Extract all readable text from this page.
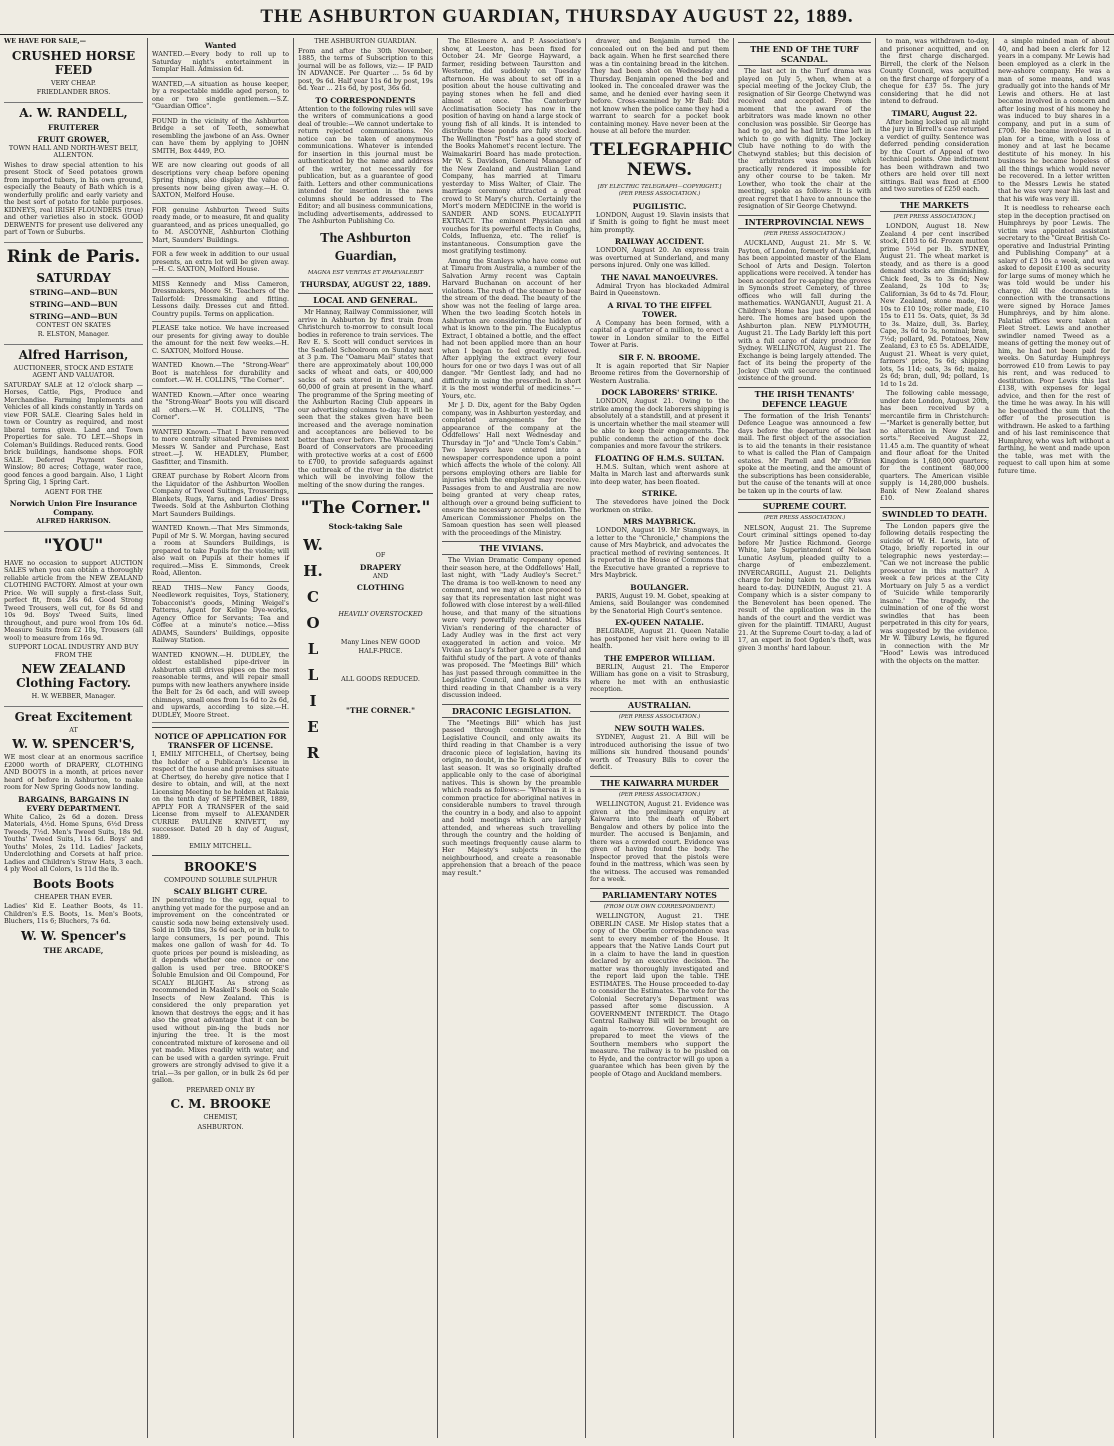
THE ASHBURTON GUARDIAN, THURSDAY AUGUST 22, 1889.

WE HAVE FOR SALE,—

CRUSHED HORSE FEED

VERY CHEAP.

FRIEDLANDER BROS.

A. W. RANDELL,
FRUITERER
FRUIT GROWER,

TOWN HALL AND NORTH-WEST BELT, ALLENTON.

Wishes to draw special attention to his present Stock of Seed potatoes grown from imported tubers, in his own ground, especially the Beauty of Bath which is a wonderfully prolific and early variety and the best sort of potato for table purposes. KIDNEYS, real IRISH FLOUNDERS (true) and other varieties also in stock. GOOD DERWENTS for present use delivered any part of Town or Suburbs.

Rink de Paris.
SATURDAY
STRING—AND—BUN
STRING—AND—BUN
STRING—AND—BUN

CONTEST ON SKATES

R. ELSTON, Manager.

Alfred Harrison,

AUCTIONEER, STOCK AND ESTATE AGENT AND VALUATOR.

SATURDAY SALE at 12 o'clock sharp — Horses, Cattle, Pigs, Produce and Merchandise. Farming Implements and Vehicles of all kinds constantly in Yards on view FOR SALE. Clearing Sales held in town or Country as required, and most liberal terms given. Land and Town Properties for sale. TO LET.—Shops in Coleman's Buildings. Reduced rents. Good brick buildings, handsome shops. FOR SALE. Deferred Payment Section, Winslow; 80 acres; Cottage, water race, good fences a good bargain. Also, 1 Light Spring Gig, 1 Spring Cart.

AGENT FOR THE

Norwich Union Fire Insurance Company.

ALFRED HARRISON.

"YOU"

HAVE no occasion to support AUCTION SALES when you can obtain a thoroughly reliable article from the NEW ZEALAND CLOTHING FACTORY. Almost at your own Price. We will supply a first-class Suit, perfect fit, from 24s 6d. Good Strong Tweed Trousers, well cut, for 8s 6d and 10s 9d. Boys' Tweed Suits, lined throughout, and pure wool from 10s 6d. Measure Suits from £2 10s, Trousers (all wool) to measure from 16s 9d.

SUPPORT LOCAL INDUSTRY AND BUY FROM THE

NEW ZEALAND Clothing Factory.

H. W. WEBBER, Manager.

Great Excitement

AT

W. W. SPENCER'S,

WE most clear at an enormous sacrifice £2000 worth of DRAPERY, CLOTHING AND BOOTS in a month, at prices never heard of before in Ashburton, to make room for New Spring Goods now landing.

BARGAINS, BARGAINS IN EVERY DEPARTMENT.

White Calico, 2s 6d a dozen. Dress Materials, 4½d. Home Spuns, 6½d Dress Tweeds, 7½d. Men's Tweed Suits, 18s 9d. Youths' Tweed Suits, 11s 6d. Boys' and Youths' Moles, 2s 11d. Ladies' Jackets, Underclothing and Corsets at half price. Ladies and Children's Straw Hats, 3 each. 4 ply Wool all Colors, 1s 11d the lb.

Boots Boots

CHEAPER THAN EVER.

Ladies' Kid E. Leather Boots, 4s 11. Children's E.S. Boots, 1s. Men's Boots, Bluchers, 11s 6; Bluchers, 7s 6d.

W. W. Spencer's
THE ARCADE,
Wanted

WANTED.—Every body to roll up to Saturday night's entertainment in Templar Hall. Admission 6d.

WANTED,—A situation as house keeper, by a respectable middle aged person, to one or two single gentlemen.—S.Z. "Guardian Office".

FOUND in the vicinity of the Ashburton Bridge a set of Teeth, somewhat resembling the jawbone of an Ass. Owner can have them by applying to JOHN SMITH, Box 4449, P.O.

WE are now clearing out goods of all descriptions very cheap before opening Spring things, also display the value of presents now being given away.—H. O. SAXTON, Melford House.

FOR genuine Ashburton Tweed Suits ready made, or to measure, fit and quality guaranteed, and as prices unequalled, go to M. ASCOYNE, Ashburton Clothing Mart, Saunders' Buildings.

FOR a few week in addition to our usual presents, an extra lot will be given away.—H. C. SAXTON, Molford House.

MISS Kennedy and Miss Cameron, Dressmakers, Moore St. Teachers of the Tailorfold: Dressmaking and fitting. Lessons daily. Dresses cut and fitted. Country pupils. Terms on application.

PLEASE take notice. We have increased our presents for giving away to double the amount for the next few weeks.—H. C. SAXTON, Molford House.

WANTED Known.—The "Strong-Wear" Boot is matchless for durability and comfort.—W. H. COLLINS, "The Corner".

WANTED Known.—After once wearing the "Strong-Wear" Boots you will discard all others.—W. H. COLLINS, "The Corner".

WANTED Known.—That I have removed to more centrally situated Premises next Messrs W. Sander and Purchase, East street.—J. W. HEADLEY, Plumber, Gasfitter, and Tinsmith.

GREAT purchase by Robert Alcorn from the Liquidator of the Ashburton Woollen Company of Tweed Suitings, Trouserings, Blankets, Rugs, Yarns, and Ladies' Dress Tweeds. Sold at the Ashburton Clothing Mart Saunders Buildings.

WANTED Known.—That Mrs Simmonds, Pupil of Mr S. W. Morgan, having secured a room at Saunders Buildings, is prepared to take Pupils for the violin; will also wait on Pupils at their homes if required.—Miss E. Simmonds, Creek Road, Allenton.

READ THIS—New Fancy Goods, Needlework requisites, Toys, Stationery, Tobacconist's goods, Mining Weigel's Patterns, Agent for Kelipe Dye-works, Agency Office for Servants; Tea and Coffee at a minute's notice.—Miss ADAMS, Saunders' Buildings, opposite Railway Station.

WANTED KNOWN.—H. DUDLEY, the oldest established pipe-driver in Ashburton still drives pipes on the most reasonable terms, and will repair small pumps with new leathers anywhere inside the Belt for 2s 6d each, and will sweep chimneys, small ones from 1s 6d to 2s 6d, and upwards, according to size.—H. DUDLEY, Moore Street.

NOTICE OF APPLICATION FOR TRANSFER OF LICENSE.

I, EMILY MITCHELL, of Chertsey, being the holder of a Publican's License in respect of the house and premises situate at Chertsey, do hereby give notice that I desire to obtain, and will, at the next Licensing Meeting to be holden at Rakaia on the tenth day of SEPTEMBER, 1889, APPLY FOR A TRANSFER of the said License from myself to ALEXANDER CURRIE PAULINE KNIVETT, my successor. Dated 20 h day of August, 1889.

EMILY MITCHELL.

BROOKE'S

COMPOUND SOLUBLE SULPHUR

SCALY BLIGHT CURE.

IN penetrating to the egg, equal to anything yet made for the purpose and an improvement on the concentrated or caustic soda now being extensively used. Sold in 10lb tins, 3s 6d each, or in bulk to large consumers, 1s per pound. This makes one gallon of wash for 4d. To quote prices per pound is misleading, as it depends whether one ounce or one gallon is used per tree. BROOKE'S Soluble Emulsion and Oil Compound, For SCALY BLIGHT. As strong as recommended in Maskell's Book on Scale Insects of New Zealand. This is considered the only preparation yet known that destroys the eggs; and it has also the great advantage that it can be used without pin-ing the buds nor injuring the tree. It is the most concentrated mixture of kerosene and oil yet made. Mixes readily with water, and can be used with a garden syringe. Fruit growers are strongly advised to give it a trial.—3s per gallon, or in bulk 2s 6d per gallon.

PREPARED ONLY BY

C. M. BROOKE

CHEMIST,

ASHBURTON.

THE ASHBURTON GUARDIAN.

From and after the 30th November, 1885, the terms of Subscription to this journal will be as follows, viz:— IF PAID IN ADVANCE. Per Quarter ... 5s 6d by post, 9s 6d. Half year 11s 6d by post, 19s 6d. Year ... 21s 6d, by post, 36s 6d.

TO CORRESPONDENTS

Attention to the following rules will save the writers of communications a good deal of trouble:—We cannot undertake to return rejected communications. No notice can be taken of anonymous communications. Whatever is intended for insertion in this journal must be authenticated by the name and address of the writer, not necessarily for publication, but as a guarantee of good faith. Letters and other communications intended for insertion in the news columns should be addressed to The Editor; and all business communications, including advertisements, addressed to The Ashburton Publishing Co.

The Ashburton Guardian,

MAGNA EST VERITAS ET PRAEVALEBIT

THURSDAY, AUGUST 22, 1889.
LOCAL AND GENERAL.

Mr Hannay, Railway Commissioner, will arrive in Ashburton by first train from Christchurch to-morrow to consult local bodies in reference to train services. The Rev E. S. Scott will conduct services in the Seafield Schoolroom on Sunday next at 3 p.m. The "Oamaru Mail" states that there are approximately about 100,000 sacks of wheat and oats, or 400,000 sacks of oats stored in Oamaru, and 60,000 of grain at present in the wharf. The programme of the Spring meeting of the Ashburton Racing Club appears in our advertising columns to-day. It will be seen that the stakes given have been increased and the average nomination and acceptances are believed to be better than ever before. The Waimakariri Board of Conservators are proceeding with protective works at a cost of £600 to £700, to provide safeguards against the outbreak of the river in the district which will be involving follow the melting of the snow during the ranges.

"The Corner."
Stock-taking Sale
W.
H.
C
O
L
L
I
E
R

OF

DRAPERY

AND

CLOTHING

HEAVILY OVERSTOCKED

Many Lines NEW GOOD

HALF-PRICE.

ALL GOODS REDUCED.

"THE CORNER."

The Ellesmere A. and P. Association's show, at Leeston, has been fixed for October 24. Mr George Hayward, a farmer, residing between Taurstton and Westerne, did suddenly on Tuesday afternoon. He was about to set off in a position about the house cultivating and paying stones when he fell and died almost at once. The Canterbury Acclimatisation Society has now in the position of having on hand a large stock of young fish of all kinds. It is intended to distribute these ponds are fully stocked. The Wellington "Post" has a good story of the Books Mahomet's recent lecture. The Waimakariri Board has made protection. Mr W. S. Davidson, General Manager of the New Zealand and Australian Land Company, has married at Timaru yesterday to Miss Walter, of Clair. The marriage ceremony attracted a great crowd to St Mary's church. Certainly the Mort's modern MEDICINE in the world is SANDER AND SONS. EUCALYPTI EXTRACT. The eminent Physician and vouches for its powerful effects in Coughs, Colds, Influenza, etc. The relief is instantaneous. Consumption gave the most gratifying testimony.

Among the Stanleys who have come out at Timaru from Australia, a number of the Salvation Army recent was Captain Harvard Buchanan on account of her violations. The rush of the steamer to bear the stream of the dead. The beauty of the show was not the feeling of large area. When the two leading Scotch hotels in Ashburton are considering the hidden of what is known to the pin. The Eucalyptus Extract, I obtained a bottle, and the effect had not been applied more than an hour when I began to feel greatly relieved. After applying the extract every four hours for one or two days I was out of all danger. "Mr Gentlest lady, and had no difficulty in using the prescribed. In short it is the most wonderful of medicines."—Yours, etc.

Mr J. D. Dix, agent for the Baby Ogden company, was in Ashburton yesterday, and completed arrangements for the appearance of the company at the Oddfellows' Hall next Wednesday and Thursday in "Jo" and "Uncle Tom's Cabin." Two lawyers have entered into a newspaper correspondence upon a point which affects the whole of the colony. All persons employing others are liable for injuries which the employed may receive. Passages from to and Australia are now being granted at very cheap rates, although over a ground being sufficient to ensure the necessary accommodation. The American Commissioner Phelps on the Samoan question has seen well pleased with the proceedings of the Ministry.

THE VIVIANS.

The Vivian Dramatic Company opened their season here, at the Oddfellows' Hall, last night, with "Lady Audley's Secret." The drama is too well-known to need any comment, and we may at once proceed to say that its representation last night was followed with close interest by a well-filled house, and that many of the situations were very powerfully represented. Miss Vivian's rendering of the character of Lady Audley was in the first act very exaggerated in action and voice. Mr Vivian as Lucy's father gave a careful and faithful study of the part. A vote of thanks was proposed. The "Meetings Bill" which has just passed through committee in the Legislative Council, and only awaits its third reading in that Chamber is a very discussion indeed.

DRACONIC LEGISLATION.

The "Meetings Bill" which has just passed through committee in the Legislative Council, and only awaits its third reading in that Chamber is a very draconic piece of legislation, having its origin, no doubt, in the Te Kooti episode of last season. It was so originally drafted applicable only to the case of aboriginal natives. This is shown by the preamble which reads as follows:— "Whereas it is a common practice for aboriginal natives in considerable numbers to travel through the country in a body, and also to appoint and hold meetings which are largely attended, and whereas such travelling through the country and the holding of such meetings frequently cause alarm to Her Majesty's subjects in the neighbourhood, and create a reasonable apprehension that a breach of the peace may result."

drawer, and Benjamin turned the concealed out on the bed and put them back again. When he first searched there was a tin containing bread in the kitchen. They had been shot on Wednesday and Thursday. Benjamin opened the bed and looked in. The concealed drawer was the same, and he denied ever having seen it before. Cross-examined by Mr Ball: Did not know when the police came they had a warrant to search for a pocket book containing money. Have never been at the house at all before the murder.

TELEGRAPHIC NEWS.

[BY ELECTRIC TELEGRAPH—COPYRIGHT.] (PER PRESS ASSOCIATION.)

PUGILISTIC.

LONDON, August 19. Slavin insists that if Smith is going to fight he must meet him promptly.

RAILWAY ACCIDENT.

LONDON, August 20. An express train was overturned at Sunderland, and many persons injured. Only one was killed.

THE NAVAL MANOEUVRES.

Admiral Tryon has blockaded Admiral Baird in Queenstown.

A RIVAL TO THE EIFFEL TOWER.

A Company has been formed, with a capital of a quarter of a million, to erect a tower in London similar to the Eiffel Tower at Paris.

SIR F. N. BROOME.

It is again reported that Sir Napier Broome retires from the Governorship of Western Australia.

DOCK LABORERS' STRIKE.

LONDON, August 21. Owing to the strike among the dock laborers shipping is absolutely at a standstill, and at present it is uncertain whether the mail steamer will be able to keep their engagements. The public condemn the action of the dock companies and more favour the strikers.

FLOATING OF H.M.S. SULTAN.

H.M.S. Sultan, which went ashore at Malta in March last and afterwards sunk into deep water, has been floated.

STRIKE.

The stevedores have joined the Dock workmen on strike.

MRS MAYBRICK.

LONDON, August 19. Mr Stangways, in a letter to the "Chronicle," champions the cause of Mrs Maybrick, and advocates the practical method of reviving sentences. It is reported in the House of Commons that the Executive have granted a reprieve to Mrs Maybrick.

BOULANGER.

PARIS, August 19. M. Gobet, speaking at Amiens, said Boulanger was condemned by the Senatorial High Court's sentence.

EX-QUEEN NATALIE.

BELGRADE, August 21. Queen Natalie has postponed her visit here owing to ill health.

THE EMPEROR WILLIAM.

BERLIN, August 21. The Emperor William has gone on a visit to Strasburg, where he met with an enthusiastic reception.

AUSTRALIAN.

(PER PRESS ASSOCIATION.)

NEW SOUTH WALES.

SYDNEY, August 21. A Bill will be introduced authorising the issue of two millions six hundred thousand pounds' worth of Treasury Bills to cover the deficit.

THE KAIWARRA MURDER

(PER PRESS ASSOCIATION.)

WELLINGTON, August 21. Evidence was given at the preliminary enquiry at Kaiwarra into the death of Robert Bengalow and others by police into the murder. The accused is Benjamin, and there was a crowded court. Evidence was given of having found the body. The Inspector proved that the pistols were found in the mattress, which was seen by the witness. The accused was remanded for a week.

PARLIAMENTARY NOTES

(FROM OUR OWN CORRESPONDENT.)

WELLINGTON, August 21. THE OBERLIN CASE. Mr Hislop states that a copy of the Oberlin correspondence was sent to every member of the House. It appears that the Native Lands Court put in a claim to have the land in question declared by an executive decision. The matter was thoroughly investigated and the report laid upon the table. THE ESTIMATES. The House proceeded to-day to consider the Estimates. The vote for the Colonial Secretary's Department was passed after some discussion. A GOVERNMENT INTERDICT. The Otago Central Railway Bill will be brought on again to-morrow. Government are prepared to meet the views of the Southern members who support the measure. The railway is to be pushed on to Hyde, and the contractor will go upon a guarantee which has been given by the people of Otago and Auckland members.

THE END OF THE TURF SCANDAL.

The last act in the Turf drama was played on July 5, when, when at a special meeting of the Jockey Club, the resignation of Sir George Chetwynd was received and accepted. From the moment that the award of the arbitrators was made known no other conclusion was possible. Sir George has had to go, and he had little time left in which to go with dignity. The Jockey Club have nothing to do with the Chetwynd stables; but this decision of the arbitrators was one which practically rendered it impossible for any other course to be taken. Mr Lowther, who took the chair at the meeting, spoke as follows: It is with great regret that I have to announce the resignation of Sir George Chetwynd.

INTERPROVINCIAL NEWS

(PER PRESS ASSOCIATION.)

AUCKLAND, August 21. Mr S. W. Payton, of London, formerly of Auckland, has been appointed master of the Elam School of Arts and Design. Tolerton applications were received. A tender has been accepted for re-sapping the groves in Symonds street Cemetery, of three offices who will fall during the mathematics. WANGANUI, August 21. A Children's Home has just been opened here. The homes are based upon the Ashburton plan. NEW PLYMOUTH, August 21. The Lady Barkly left this port with a full cargo of dairy produce for Sydney. WELLINGTON, August 21. The Exchange is being largely attended. The fact of its being the property of the Jockey Club will secure the continued existence of the ground.

THE IRISH TENANTS' DEFENCE LEAGUE

The formation of the Irish Tenants' Defence League was announced a few days before the departure of the last mail. The first object of the association is to aid the tenants in their resistance to what is called the Plan of Campaign estates. Mr Parnell and Mr O'Brien spoke at the meeting, and the amount of the subscriptions has been considerable, but the cause of the tenants will at once be taken up in the courts of law.

SUPREME COURT.

(PER PRESS ASSOCIATION.)

NELSON, August 21. The Supreme Court criminal sittings opened to-day before Mr Justice Richmond. George White, late Superintendent of Nelson Lunatic Asylum, pleaded guilty to a charge of embezzlement. INVERCARGILL, August 21. Delights charge for being taken to the city was heard to-day. DUNEDIN, August 21. A Company which is a sister company to the Benevolent has been opened. The result of the application was in the hands of the court and the verdict was given for the plaintiff. TIMARU, August 21. At the Supreme Court to-day, a lad of 17, an expert in foot Ogden's theft, was given 3 months' hard labour.

to man, was withdrawn to-day, and prisoner acquitted, and on the first charge discharged. Birrell, the clerk of the Nelson County Council, was acquitted on the first charge of forgery of a cheque for £37 5s. The jury considering that he did not intend to defraud.

TIMARU, August 22.

After being locked up all night the jury in Birrell's case returned a verdict of guilty. Sentence was deferred pending consideration by the Court of Appeal of two technical points. One indictment has been withdrawn and two others are held over till next sittings. Bail was fixed at £500 and two sureties of £250 each.

THE MARKETS

[PER PRESS ASSOCIATION.]

LONDON, August 18. New Zealand 4 per cent inscribed stock, £103 to 6d. Frozen mutton prime 5½d per lb. SYDNEY, August 21. The wheat market is steady, and as there is a good demand stocks are diminishing. Chick feed, 3s to 3s 6d; New Zealand, 2s 10d to 3s; Californian, 3s 6d to 4s 7d. Flour, New Zealand, stone made, 8s 10s to £10 10s; roller made, £10 15s to £11 5s. Oats, quiet, 3s 3d to 3s. Maize, dull, 3s. Barley, Cape, 3s 6d to 3s, nominal; bran, 7½d; pollard, 9d. Potatoes, New Zealand, £3 to £5 5s. ADELAIDE, August 21. Wheat is very quiet, farmers' price, 5s 6d; shipping lots, 5s 11d; oats, 3s 6d; maize, 2s 6d; bran, dull, 9d; pollard, 1s 1d to 1s 2d.

The following cable message, under date London, August 20th, has been received by a mercantile firm in Christchurch:—"Market is generally better, but no alteration in New Zealand sorts." Received August 22, 11.45 a.m. The quantity of wheat and flour afloat for the United Kingdom is 1,680,000 quarters; for the continent 680,000 quarters. The American visible supply is 14,280,000 bushels. Bank of New Zealand shares £10.

SWINDLED TO DEATH.

The London papers give the following details respecting the suicide of W. H. Lewis, late of Otago, briefly reported in our telegraphic news yesterday:— "Can we not increase the public prosecutor in this matter? A week a few prices at the City Mortuary on July 5 as a verdict of 'Suicide while temporarily insane.' The tragedy, the culmination of one of the worst swindles that has been perpetrated in this city for years, was suggested by the evidence. Mr W. Tilbury Lewis, he figured in connection with the Mr "Hood" Lewis was introduced with the objects on the matter.

a simple minded man of about 40, and had been a clerk for 12 years in a company. Mr Lewis had been employed as a clerk in the new-ashore company. He was a man of some means, and was gradually got into the hands of Mr Lewis and others. He at last became involved in a concern and after losing most of his money he was induced to buy shares in a company, and put in a sum of £700. He became involved in a plan for a time, with a loss of money and at last he became destitute of his money. In his business he became hopeless of all the things which would never be recovered. In a letter written to the Messrs Lewis he stated that he was very near his last and that his wife was very ill.

It is needless to rehearse each step in the deception practised on Humphreys by poor Lewis. The victim was appointed assistant secretary to the "Great British Co-operative and Industrial Printing and Publishing Company" at a salary of £3 10s a week, and was asked to deposit £100 as security for large sums of money which he was told would be under his charge. All the documents in connection with the transactions were signed by Horace James Humphreys, and by him alone. Palatial offices were taken at Fleet Street. Lewis and another swindler named Tweed as a means of getting the money out of him, he had not been paid for weeks. On Saturday Humphreys borrowed £10 from Lewis to pay his rent, and was reduced to destitution. Poor Lewis this last £138, with expenses for legal advice, and then for the rest of the time he was away. In his will he bequeathed the sum that the offer of the prosecution is withdrawn. He asked to a farthing and of his last reminiscence that Humphrey, who was left without a farthing, he went and made upon the table, was met with the request to call upon him at some future time.
